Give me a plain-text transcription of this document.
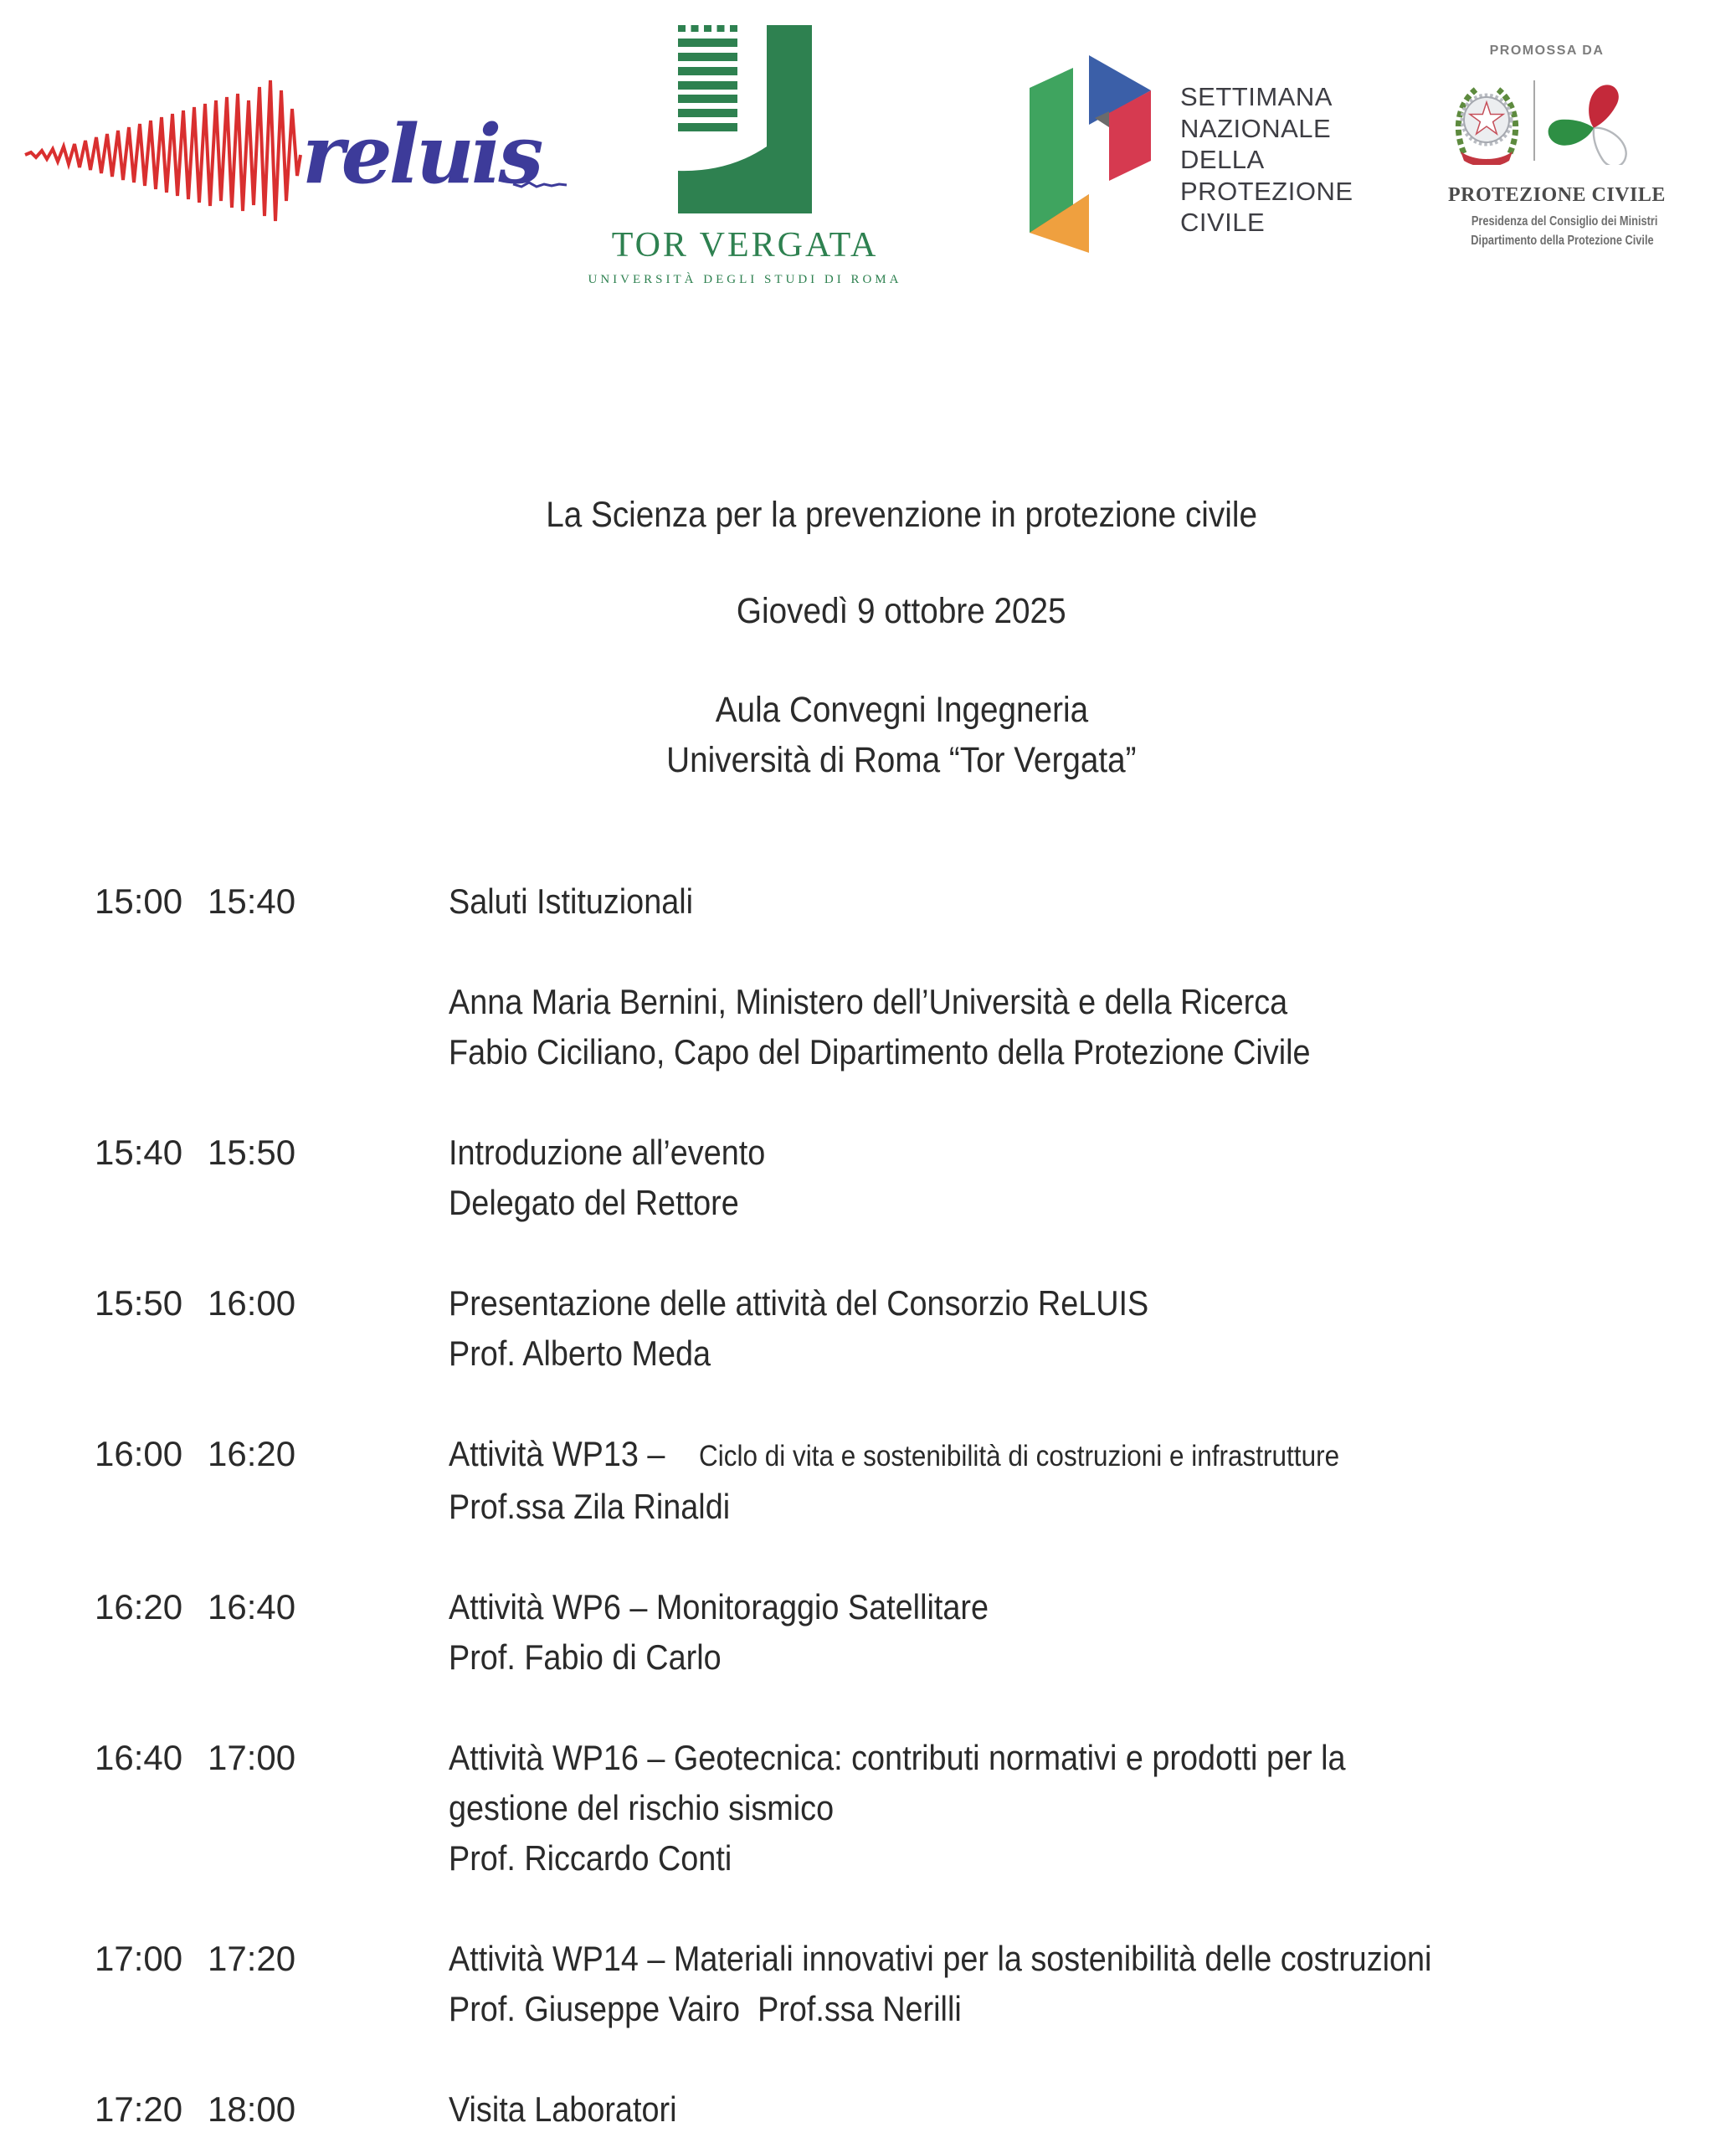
reluis
TOR VERGATA
UNIVERSITÀ DEGLI STUDI DI ROMA
SETTIMANA
NAZIONALE
DELLA
PROTEZIONE
CIVILE
PROMOSSA DA
PROTEZIONE CIVILE
Presidenza del Consiglio dei Ministri
Dipartimento della Protezione Civile
La Scienza per la prevenzione in protezione civile
Giovedì 9 ottobre 2025
Aula Convegni Ingegneria
Università di Roma “Tor Vergata”
15:00 15:40	Saluti Istituzionali

Anna Maria Bernini, Ministero dell’Università e della Ricerca
Fabio Ciciliano, Capo del Dipartimento della Protezione Civile
15:40 15:50	Introduzione all’evento
Delegato del Rettore
15:50 16:00	Presentazione delle attività del Consorzio ReLUIS
Prof. Alberto Meda
16:00 16:20	Attività WP13 – Ciclo di vita e sostenibilità di costruzioni e infrastrutture
Prof.ssa Zila Rinaldi
16:20 16:40	Attività WP6 – Monitoraggio Satellitare
Prof. Fabio di Carlo
16:40 17:00	Attività WP16 – Geotecnica: contributi normativi e prodotti per la
gestione del rischio sismico
Prof. Riccardo Conti
17:00 17:20	Attività WP14 – Materiali innovativi per la sostenibilità delle costruzioni
Prof. Giuseppe Vairo  Prof.ssa Nerilli
17:20 18:00	Visita Laboratori
